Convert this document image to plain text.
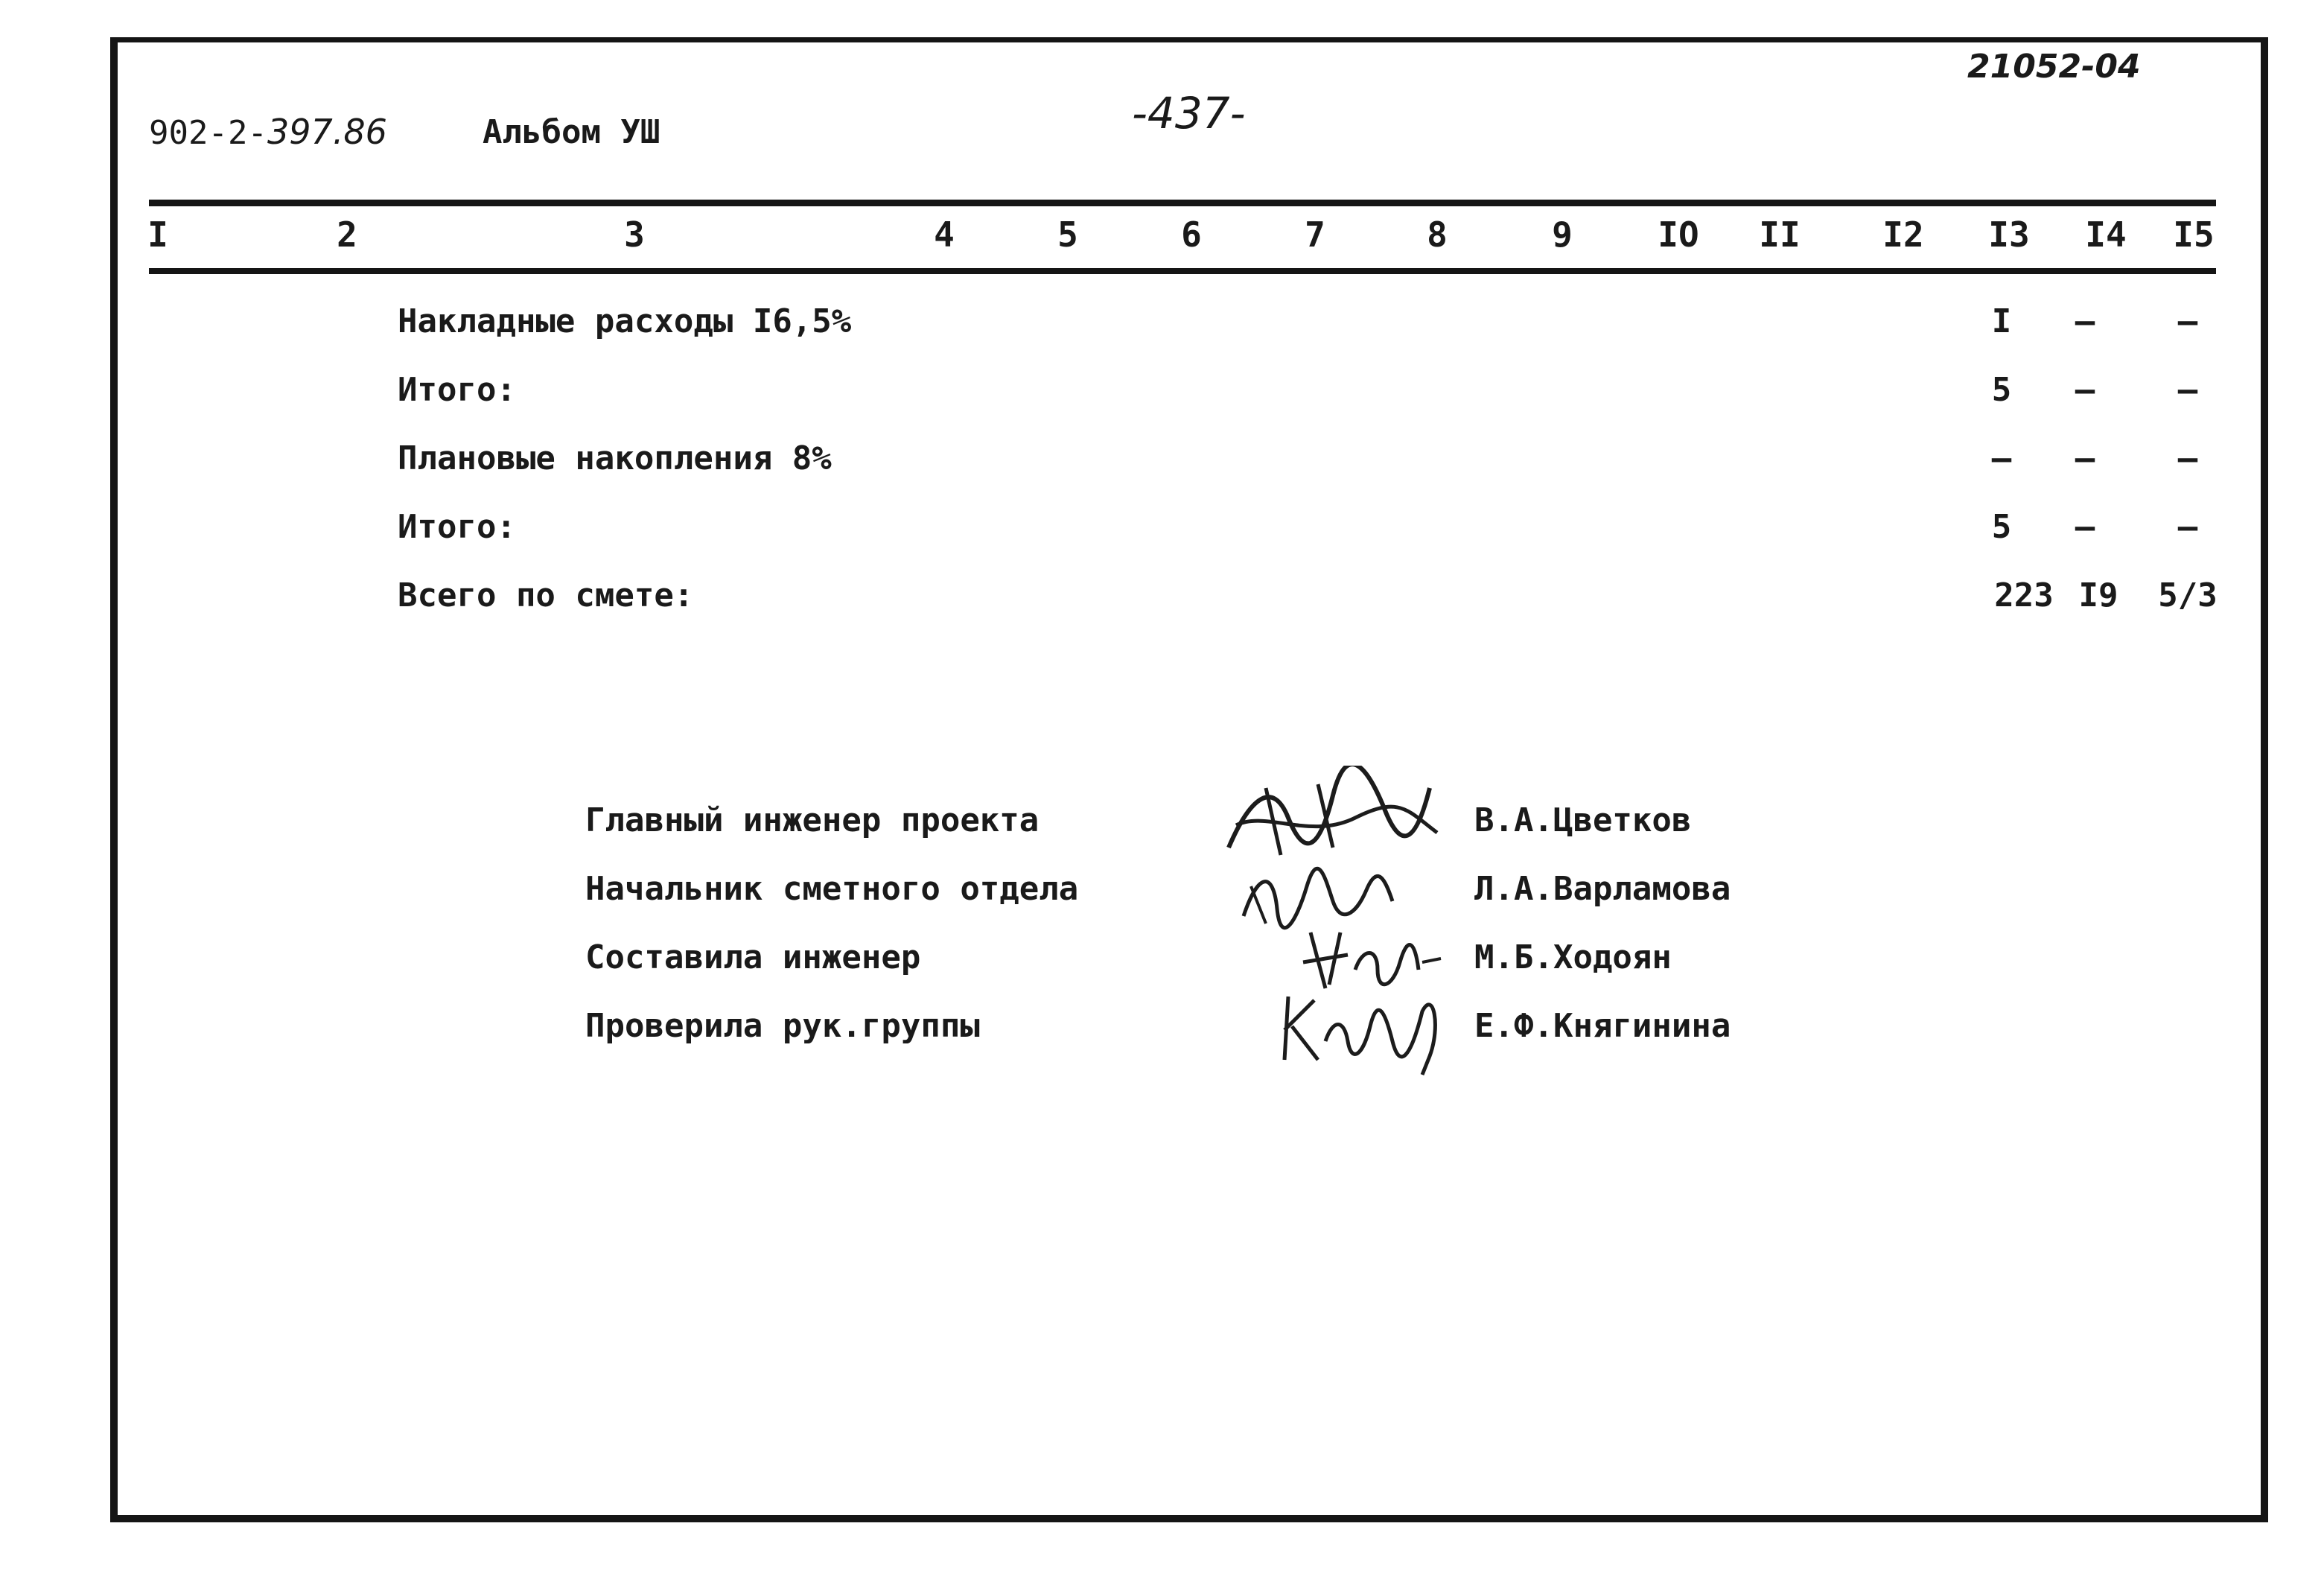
902-2-397.86	Альбом УШ	-437-
21052-04
I	2	3	4	5	6	7	8	9 IO II I2 I3 I4 I5
Накладные расходы I6,5%	I –	–
Итого:	5 –	–
Плановые накопления 8%	– –	–
Итого:	5 –	–
Всего по смете:	223 I9 5/3
Главный инженер проекта	В.А.Цветков
Начальник сметного отдела	Л.А.Варламова
Составила инженер	М.Б.Ходоян
Проверила рук.группы	Е.Ф.Княгинина
